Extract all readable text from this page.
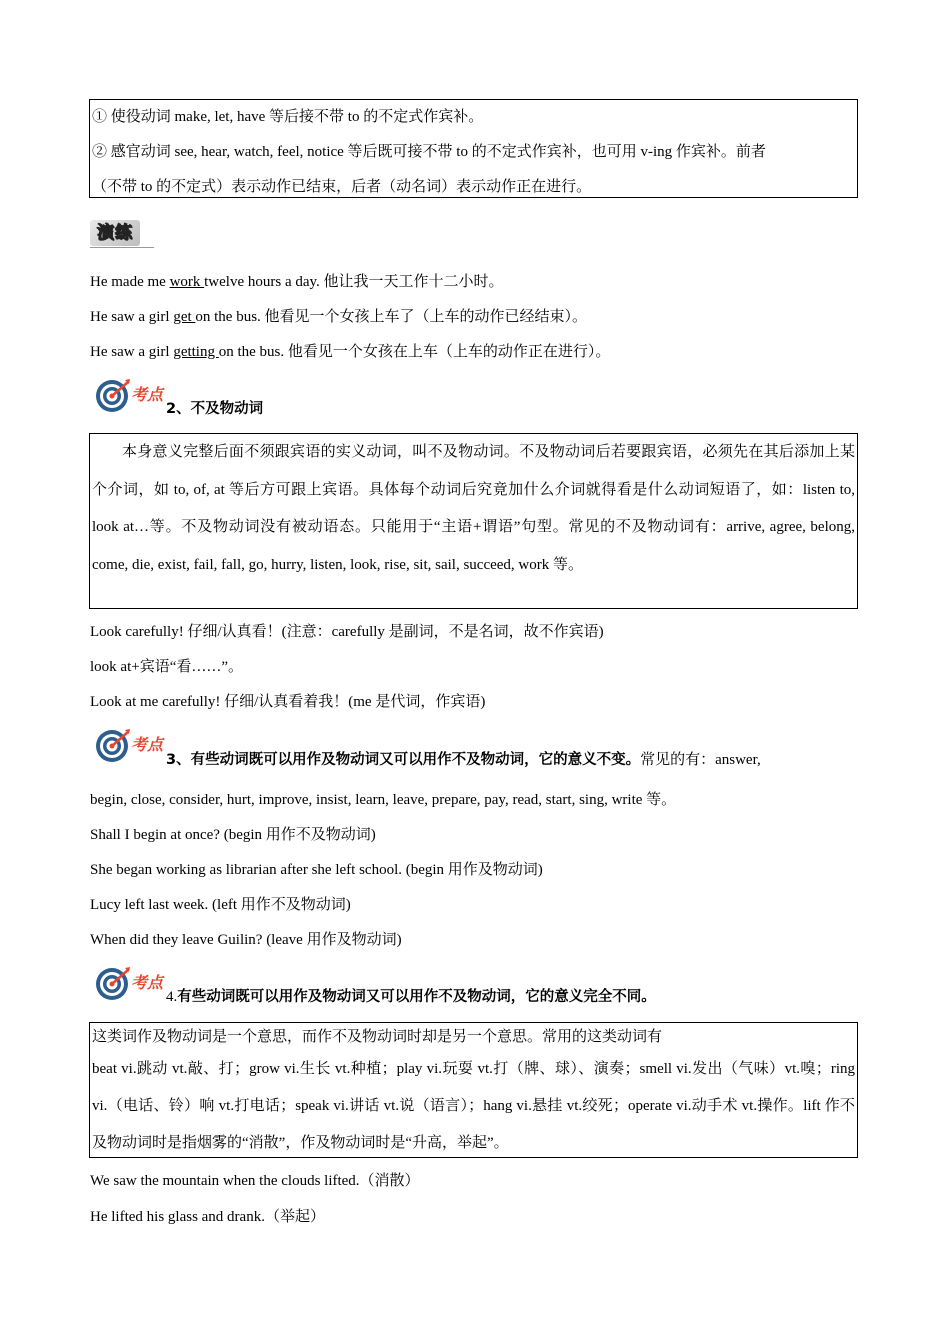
① 使役动词 make, let, have 等后接不带 to 的不定式作宾补。

② 感官动词 see, hear, watch, feel, notice 等后既可接不带 to 的不定式作宾补，也可用 v-ing 作宾补。前者

（不带 to 的不定式）表示动作已结束，后者（动名词）表示动作正在进行。

演练
He made me work twelve hours a day. 他让我一天工作十二小时。
He saw a girl get on the bus. 他看见一个女孩上车了（上车的动作已经结束）。
He saw a girl getting on the bus. 他看见一个女孩在上车（上车的动作正在进行）。
考点
2、不及物动词

本身意义完整后面不须跟宾语的实义动词，叫不及物动词。不及物动词后若要跟宾语，必须先在其后添加上某个介词，如 to, of, at 等后方可跟上宾语。具体每个动词后究竟加什么介词就得看是什么动词短语了，如：listen to, look at…等。不及物动词没有被动语态。只能用于“主语+谓语”句型。常见的不及物动词有：arrive, agree, belong, come, die, exist, fail, fall, go, hurry, listen, look, rise, sit, sail, succeed, work 等。

Look carefully! 仔细/认真看！(注意：carefully 是副词，不是名词，故不作宾语)
look at+宾语“看……”。
Look at me carefully! 仔细/认真看着我！(me 是代词，作宾语)
考点
3、有些动词既可以用作及物动词又可以用作不及物动词，它的意义不变。常见的有：answer,
begin, close, consider, hurt, improve, insist, learn, leave, prepare, pay, read, start, sing, write 等。
Shall I begin at once? (begin 用作不及物动词)
She began working as librarian after she left school. (begin 用作及物动词)
Lucy left last week. (left 用作不及物动词)
When did they leave Guilin? (leave 用作及物动词)
考点
4.有些动词既可以用作及物动词又可以用作不及物动词，它的意义完全不同。

这类词作及物动词是一个意思，而作不及物动词时却是另一个意思。常用的这类动词有

beat vi.跳动 vt.敲、打；grow vi.生长 vt.种植；play vi.玩耍 vt.打（牌、球）、演奏；smell vi.发出（气味）vt.嗅；ring vi.（电话、铃）响 vt.打电话；speak vi.讲话 vt.说（语言）；hang vi.悬挂 vt.绞死；operate vi.动手术 vt.操作。lift 作不及物动词时是指烟雾的“消散”，作及物动词时是“升高，举起”。

We saw the mountain when the clouds lifted.（消散）
He lifted his glass and drank.（举起）
